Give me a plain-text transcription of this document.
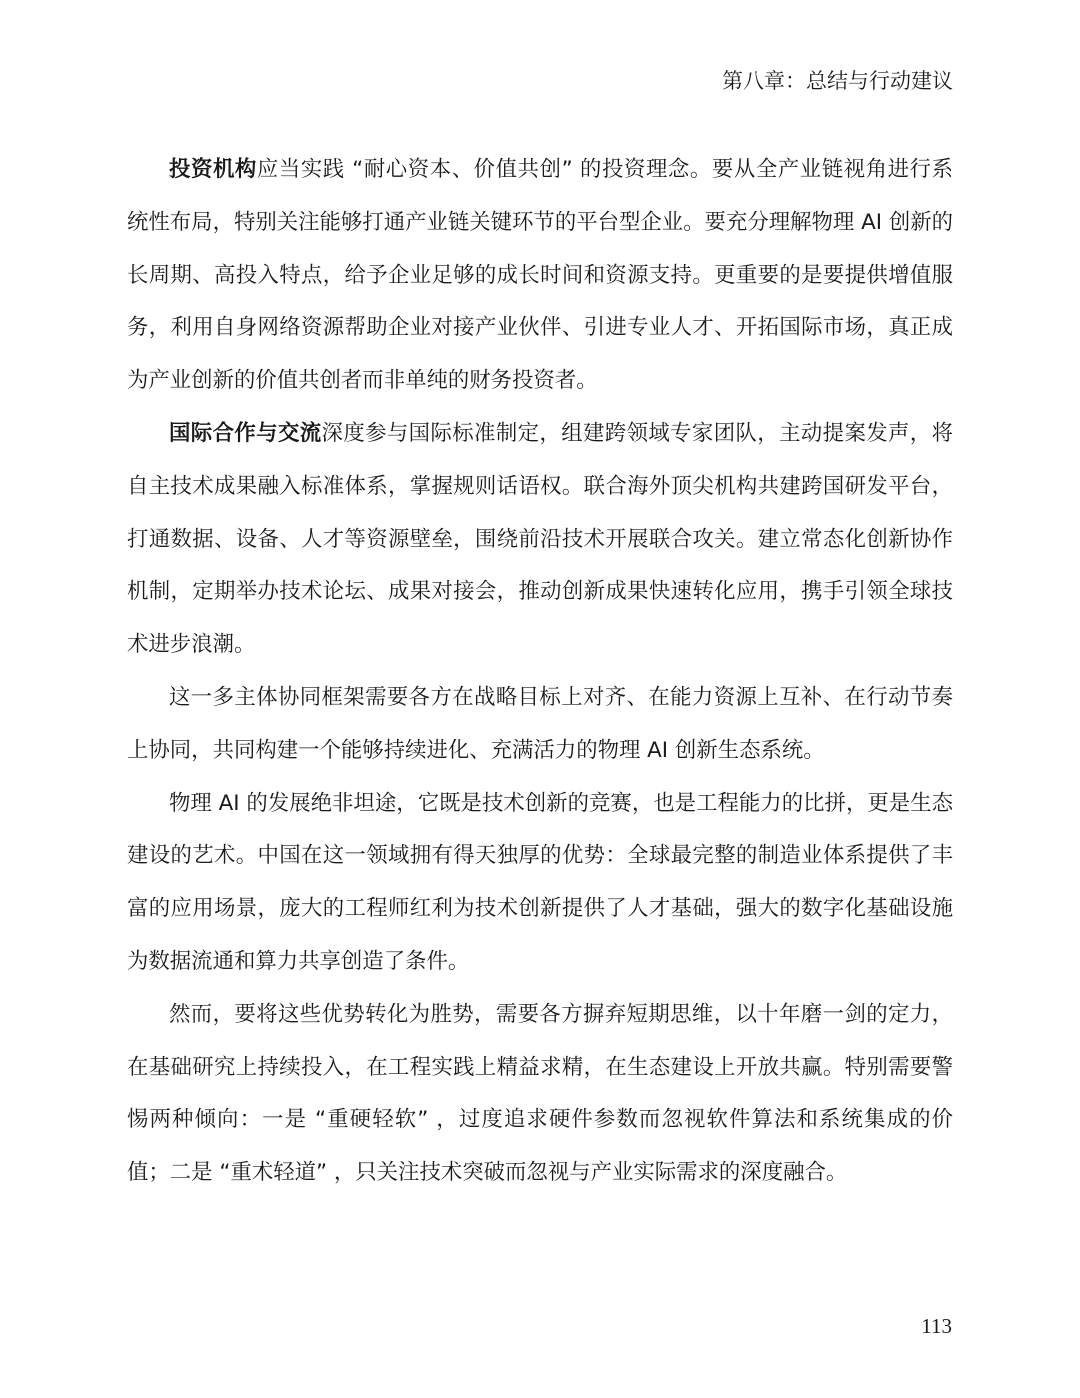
第八章：总结与行动建议

投资机构应当实践 “耐心资本、价值共创” 的投资理念。要从全产业链视角进行系统性布局，特别关注能够打通产业链关键环节的平台型企业。要充分理解物理 AI 创新的长周期、高投入特点，给予企业足够的成长时间和资源支持。更重要的是要提供增值服务，利用自身网络资源帮助企业对接产业伙伴、引进专业人才、开拓国际市场，真正成为产业创新的价值共创者而非单纯的财务投资者。

国际合作与交流深度参与国际标准制定，组建跨领域专家团队，主动提案发声，将自主技术成果融入标准体系，掌握规则话语权。联合海外顶尖机构共建跨国研发平台，打通数据、设备、人才等资源壁垒，围绕前沿技术开展联合攻关。建立常态化创新协作机制，定期举办技术论坛、成果对接会，推动创新成果快速转化应用，携手引领全球技术进步浪潮。

这一多主体协同框架需要各方在战略目标上对齐、在能力资源上互补、在行动节奏上协同，共同构建一个能够持续进化、充满活力的物理 AI 创新生态系统。

物理 AI 的发展绝非坦途，它既是技术创新的竞赛，也是工程能力的比拼，更是生态建设的艺术。中国在这一领域拥有得天独厚的优势：全球最完整的制造业体系提供了丰富的应用场景，庞大的工程师红利为技术创新提供了人才基础，强大的数字化基础设施为数据流通和算力共享创造了条件。

然而，要将这些优势转化为胜势，需要各方摒弃短期思维，以十年磨一剑的定力，在基础研究上持续投入，在工程实践上精益求精，在生态建设上开放共赢。特别需要警惕两种倾向：一是 “重硬轻软” ，过度追求硬件参数而忽视软件算法和系统集成的价值；二是 “重术轻道” ，只关注技术突破而忽视与产业实际需求的深度融合。

113
